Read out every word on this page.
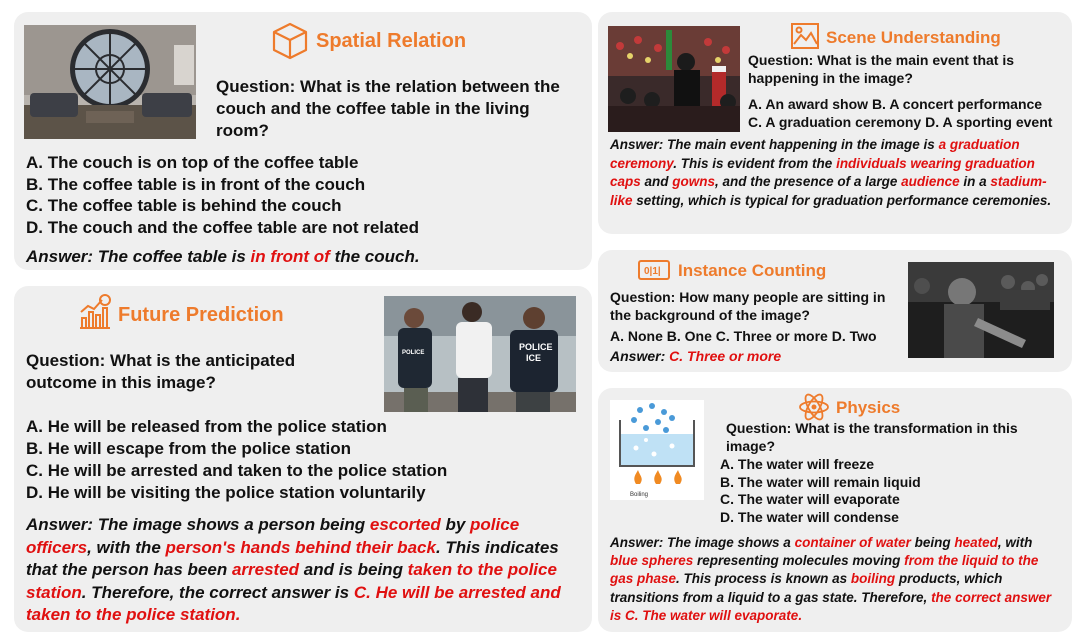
Spatial Relation
Question: What is the relation between the couch and the coffee table in the living room?
A. The couch is on top of the coffee table
B. The coffee table is in front of the couch
C. The coffee table is behind the couch
D. The couch and the coffee table are not related
Answer: The coffee table is in front of the couch.
Future Prediction
POLICE
POLICE
ICE
Question: What is the anticipated outcome in this image?
A. He will be released from the police station
B. He will escape from the police station
C. He will be arrested and taken to the police station
D. He will be visiting the police station voluntarily
Answer: The image shows a person being escorted by police officers, with the person's hands behind their back. This indicates that the person has been arrested and is being taken to the police station. Therefore, the correct answer is C. He will be arrested and taken to the police station.
Scene Understanding
Question: What is the main event that is happening in the image?
A. An award show B. A concert performance
C. A graduation ceremony D. A sporting event
Answer: The main event happening in the image is a graduation ceremony. This is evident from the individuals wearing graduation caps and gowns, and the presence of a large audience in a stadium-like setting, which is typical for graduation performance ceremonies.
0|1| Instance Counting
Question: How many people are sitting in the background of the image?
A. None B. One C. Three or more D. Two
Answer: C. Three or more
Boiling
Physics
Question: What is the transformation in this image?
A. The water will freeze
B. The water will remain liquid
C. The water will evaporate
D. The water will condense
Answer: The image shows a container of water being heated, with blue spheres representing molecules moving from the liquid to the gas phase. This process is known as boiling products, which transitions from a liquid to a gas state. Therefore, the correct answer is C. The water will evaporate.
